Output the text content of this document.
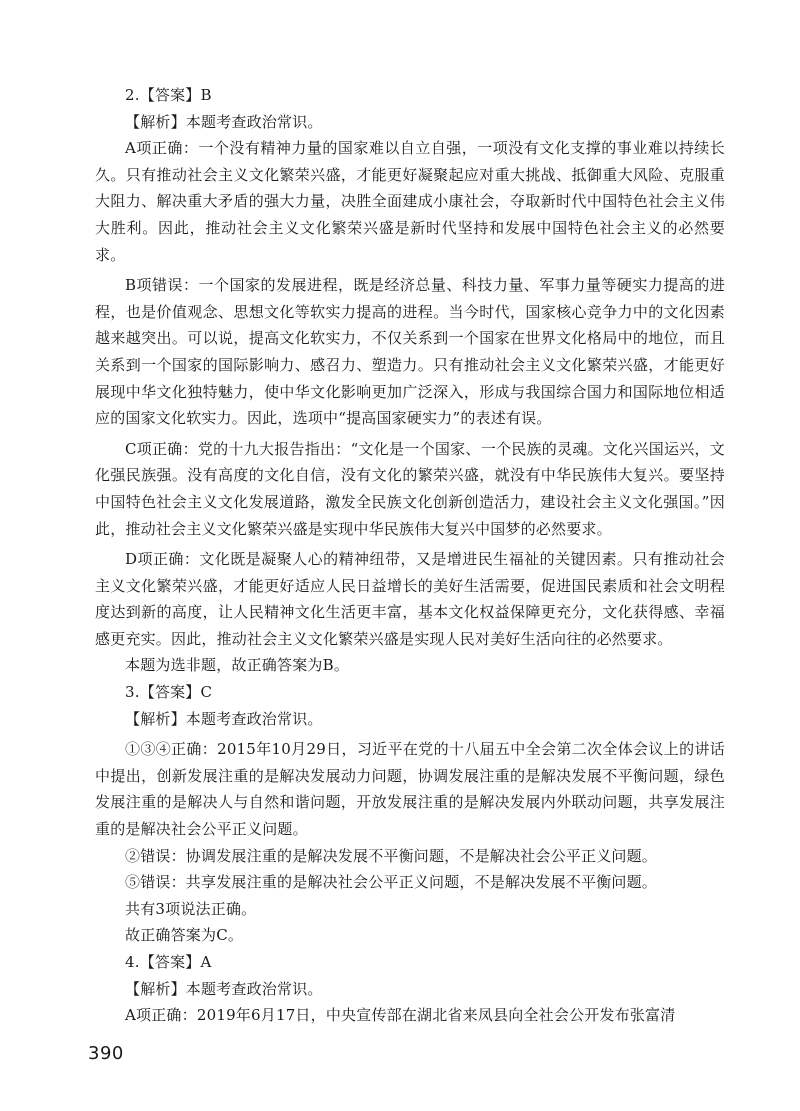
2.【答案】B

【解析】本题考查政治常识。

A项正确：一个没有精神力量的国家难以自立自强，一项没有文化支撑的事业难以持续长久。只有推动社会主义文化繁荣兴盛，才能更好凝聚起应对重大挑战、抵御重大风险、克服重大阻力、解决重大矛盾的强大力量，决胜全面建成小康社会，夺取新时代中国特色社会主义伟大胜利。因此，推动社会主义文化繁荣兴盛是新时代坚持和发展中国特色社会主义的必然要求。

B项错误：一个国家的发展进程，既是经济总量、科技力量、军事力量等硬实力提高的进程，也是价值观念、思想文化等软实力提高的进程。当今时代，国家核心竞争力中的文化因素越来越突出。可以说，提高文化软实力，不仅关系到一个国家在世界文化格局中的地位，而且关系到一个国家的国际影响力、感召力、塑造力。只有推动社会主义文化繁荣兴盛，才能更好展现中华文化独特魅力，使中华文化影响更加广泛深入，形成与我国综合国力和国际地位相适应的国家文化软实力。因此，选项中“提高国家硬实力”的表述有误。

C项正确：党的十九大报告指出：“文化是一个国家、一个民族的灵魂。文化兴国运兴，文化强民族强。没有高度的文化自信，没有文化的繁荣兴盛，就没有中华民族伟大复兴。要坚持中国特色社会主义文化发展道路，激发全民族文化创新创造活力，建设社会主义文化强国。”因此，推动社会主义文化繁荣兴盛是实现中华民族伟大复兴中国梦的必然要求。

D项正确：文化既是凝聚人心的精神纽带，又是增进民生福祉的关键因素。只有推动社会主义文化繁荣兴盛，才能更好适应人民日益增长的美好生活需要，促进国民素质和社会文明程度达到新的高度，让人民精神文化生活更丰富，基本文化权益保障更充分，文化获得感、幸福感更充实。因此，推动社会主义文化繁荣兴盛是实现人民对美好生活向往的必然要求。

本题为选非题，故正确答案为B。

3.【答案】C

【解析】本题考查政治常识。

①③④正确：2015年10月29日，习近平在党的十八届五中全会第二次全体会议上的讲话中提出，创新发展注重的是解决发展动力问题，协调发展注重的是解决发展不平衡问题，绿色发展注重的是解决人与自然和谐问题，开放发展注重的是解决发展内外联动问题，共享发展注重的是解决社会公平正义问题。

②错误：协调发展注重的是解决发展不平衡问题，不是解决社会公平正义问题。

⑤错误：共享发展注重的是解决社会公平正义问题，不是解决发展不平衡问题。

共有3项说法正确。

故正确答案为C。

4.【答案】A

【解析】本题考查政治常识。

A项正确：2019年6月17日，中央宣传部在湖北省来凤县向全社会公开发布张富清

390
